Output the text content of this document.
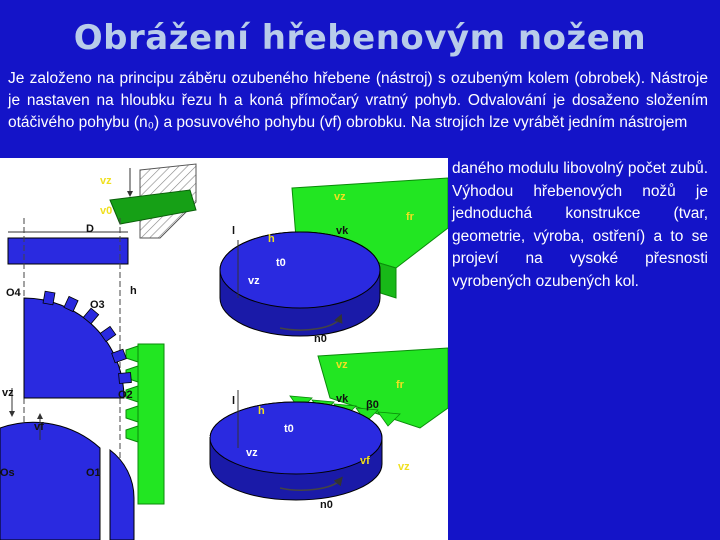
Obrážení hřebenovým nožem
Je založeno na principu záběru ozubeného hřebene (nástroj) s ozubeným kolem (obrobek). Nástroje je nastaven na hloubku řezu h a koná přímočarý vratný pohyb. Odvalování je dosaženo složením otáčivého pohybu (n₀) a posuvového pohybu (vf) obrobku. Na strojích lze vyrábět jedním nástrojem
daného modulu libovolný počet zubů. Výhodou hřebenových nožů je jednoduchá konstrukce (tvar, geometrie, výroba, ostření) a to se projeví na vysoké přesnosti vyrobených ozubených kol.
vz
v0
D
O4
O3
h
O2
vz
vf
Os	O1
vz
fr
vk
l
h
t0
vz
vf
n0
vz
fr
vk β0
l
h
t0
vz
vf
vf	vz
n0
